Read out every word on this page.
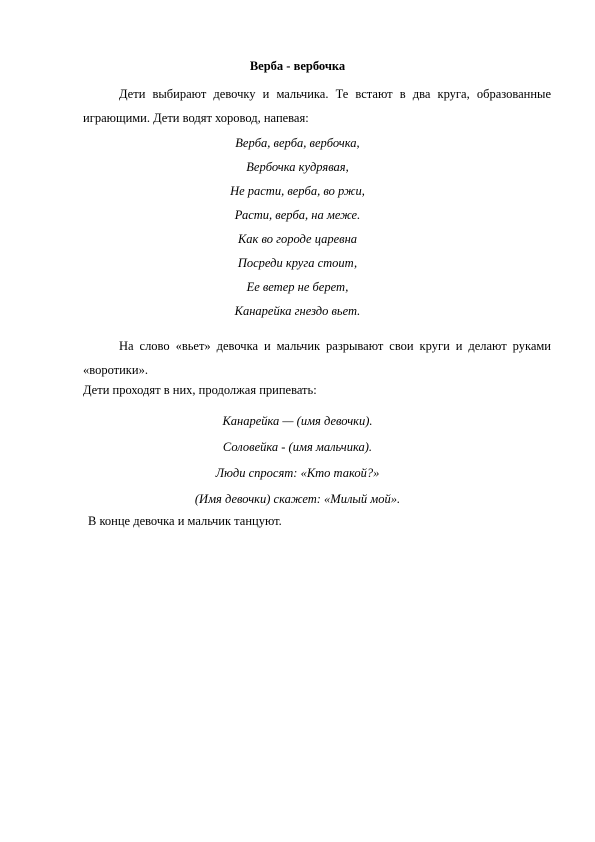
Верба - вербочка
Дети выбирают девочку и мальчика. Те встают в два круга, образованные играющими. Дети водят хоровод, напевая:
Верба, верба, вербочка,
Вербочка кудрявая,
Не расти, верба, во ржи,
Расти, верба, на меже.
Как во городе царевна
Посреди круга стоит,
Ее ветер не берет,
Канарейка гнездо вьет.
На слово «вьет» девочка и мальчик разрывают свои круги и делают руками «воротики».
Дети проходят в них, продолжая припевать:
Канарейка — (имя девочки).
Соловейка - (имя мальчика).
Люди спросят: «Кто такой?»
(Имя девочки) скажет: «Милый мой».
В конце девочка и мальчик танцуют.
